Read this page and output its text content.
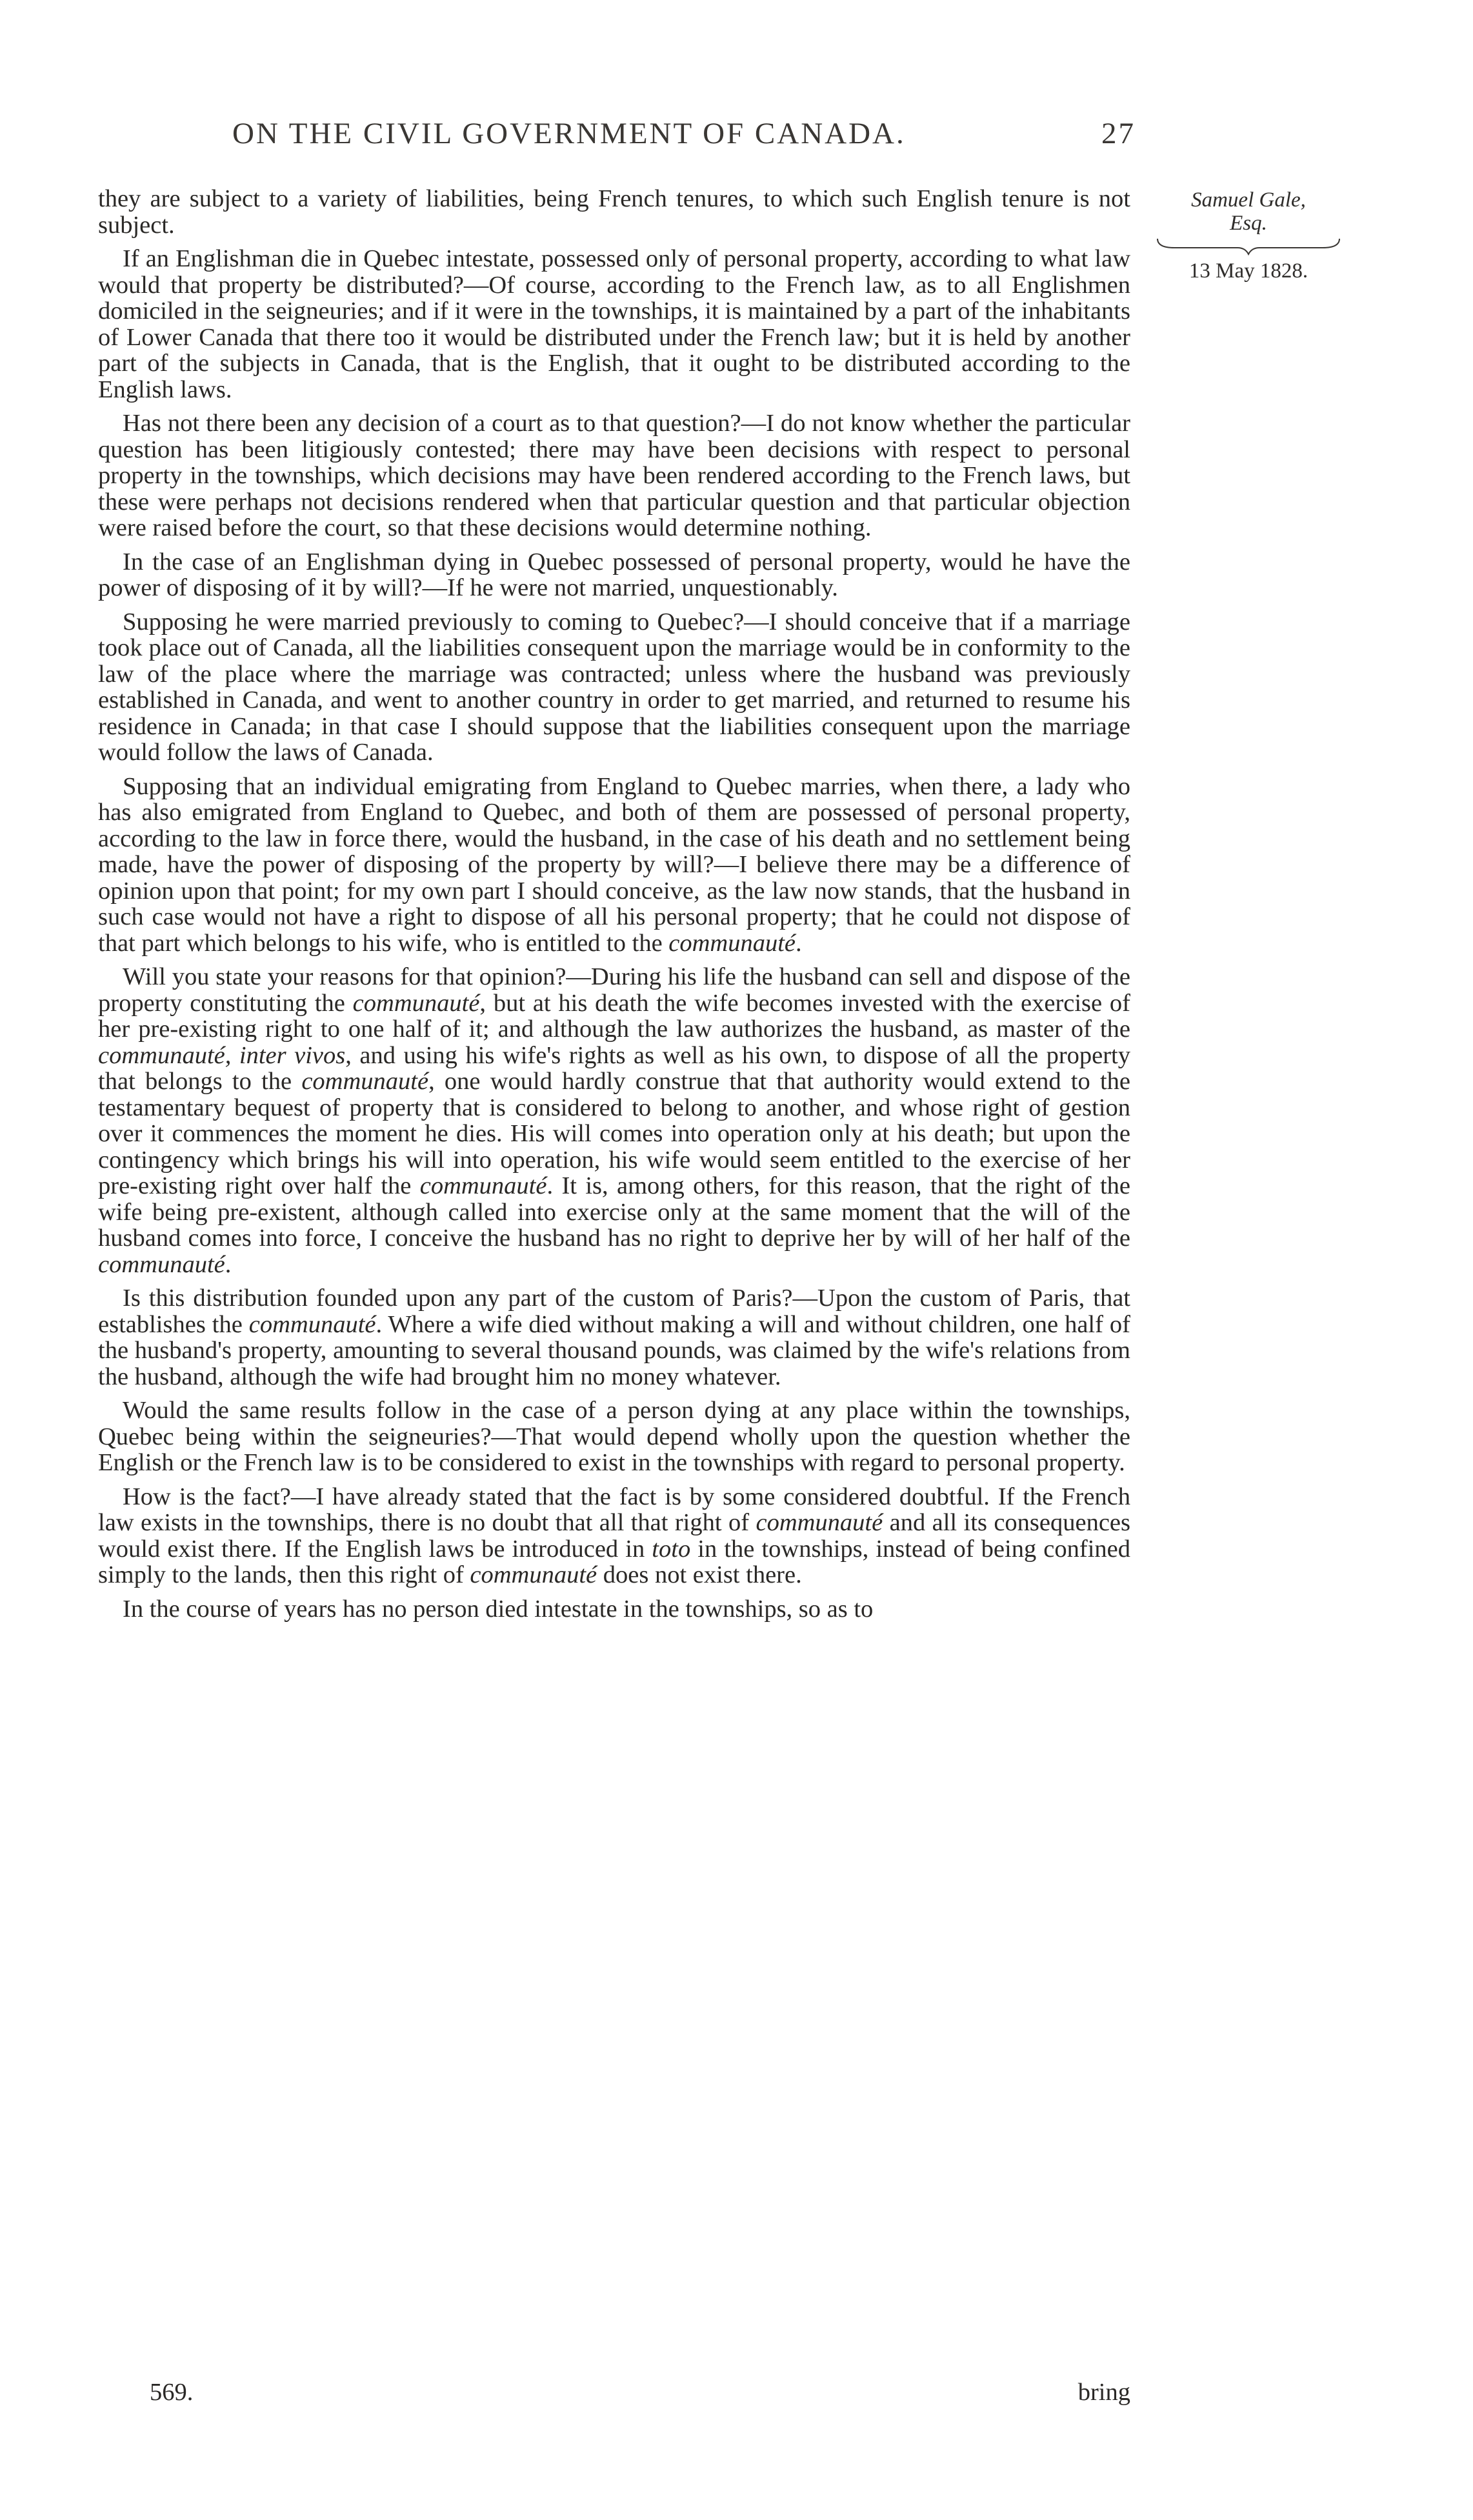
ON THE CIVIL GOVERNMENT OF CANADA.	27

they are subject to a variety of liabilities, being French tenures, to which such English tenure is not subject.

If an Englishman die in Quebec intestate, possessed only of personal property, according to what law would that property be distributed?—Of course, according to the French law, as to all Englishmen domiciled in the seigneuries; and if it were in the townships, it is maintained by a part of the inhabitants of Lower Canada that there too it would be distributed under the French law; but it is held by another part of the subjects in Canada, that is the English, that it ought to be distributed according to the English laws.

Has not there been any decision of a court as to that question?—I do not know whether the particular question has been litigiously contested; there may have been decisions with respect to personal property in the townships, which decisions may have been rendered according to the French laws, but these were perhaps not decisions rendered when that particular question and that particular objection were raised before the court, so that these decisions would determine nothing.

In the case of an Englishman dying in Quebec possessed of personal property, would he have the power of disposing of it by will?—If he were not married, unquestionably.

Supposing he were married previously to coming to Quebec?—I should conceive that if a marriage took place out of Canada, all the liabilities consequent upon the marriage would be in conformity to the law of the place where the marriage was contracted; unless where the husband was previously established in Canada, and went to another country in order to get married, and returned to resume his residence in Canada; in that case I should suppose that the liabilities consequent upon the marriage would follow the laws of Canada.

Supposing that an individual emigrating from England to Quebec marries, when there, a lady who has also emigrated from England to Quebec, and both of them are possessed of personal property, according to the law in force there, would the husband, in the case of his death and no settlement being made, have the power of disposing of the property by will?—I believe there may be a difference of opinion upon that point; for my own part I should conceive, as the law now stands, that the husband in such case would not have a right to dispose of all his personal property; that he could not dispose of that part which belongs to his wife, who is entitled to the communauté.

Will you state your reasons for that opinion?—During his life the husband can sell and dispose of the property constituting the communauté, but at his death the wife becomes invested with the exercise of her pre-existing right to one half of it; and although the law authorizes the husband, as master of the communauté, inter vivos, and using his wife's rights as well as his own, to dispose of all the property that belongs to the communauté, one would hardly construe that that authority would extend to the testamentary bequest of property that is considered to belong to another, and whose right of gestion over it commences the moment he dies. His will comes into operation only at his death; but upon the contingency which brings his will into operation, his wife would seem entitled to the exercise of her pre-existing right over half the communauté. It is, among others, for this reason, that the right of the wife being pre-existent, although called into exercise only at the same moment that the will of the husband comes into force, I conceive the husband has no right to deprive her by will of her half of the communauté.

Is this distribution founded upon any part of the custom of Paris?—Upon the custom of Paris, that establishes the communauté. Where a wife died without making a will and without children, one half of the husband's property, amounting to several thousand pounds, was claimed by the wife's relations from the husband, although the wife had brought him no money whatever.

Would the same results follow in the case of a person dying at any place within the townships, Quebec being within the seigneuries?—That would depend wholly upon the question whether the English or the French law is to be considered to exist in the townships with regard to personal property.

How is the fact?—I have already stated that the fact is by some considered doubtful. If the French law exists in the townships, there is no doubt that all that right of communauté and all its consequences would exist there. If the English laws be introduced in toto in the townships, instead of being confined simply to the lands, then this right of communauté does not exist there.

In the course of years has no person died intestate in the townships, so as to

Samuel Gale,
Esq.
13 May 1828.
569.	bring
